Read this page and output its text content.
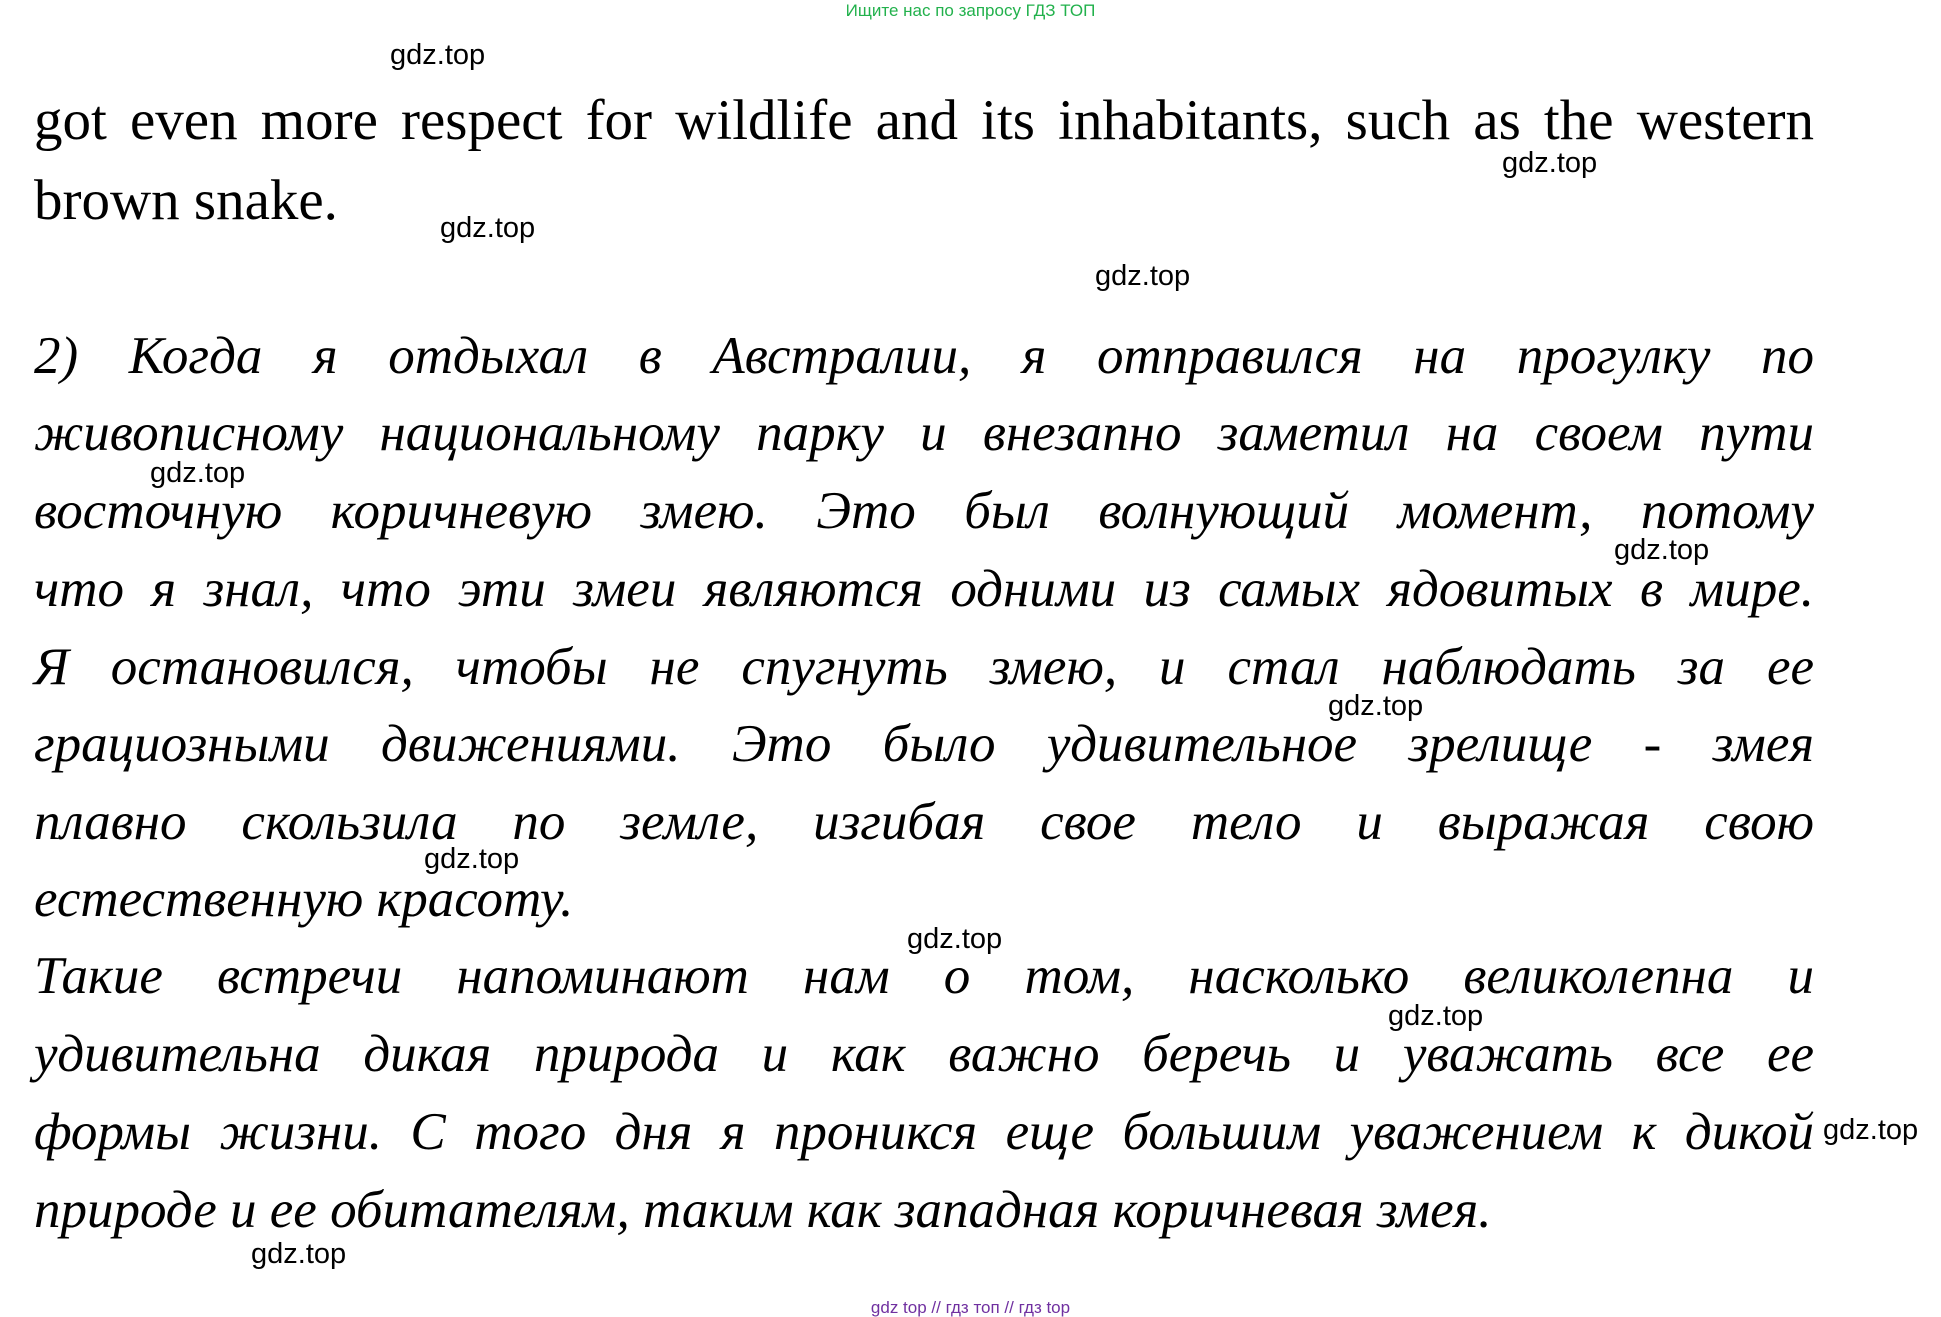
Ищите нас по запросу ГДЗ ТОП
got even more respect for wildlife and its inhabitants, such as the western
brown snake.
2) Когда я отдыхал в Австралии, я отправился на прогулку по
живописному национальному парку и внезапно заметил на своем пути
восточную коричневую змею. Это был волнующий момент, потому
что я знал, что эти змеи являются одними из самых ядовитых в мире.
Я остановился, чтобы не спугнуть змею, и стал наблюдать за ее
грациозными движениями. Это было удивительное зрелище - змея
плавно скользила по земле, изгибая свое тело и выражая свою
естественную красоту.
Такие встречи напоминают нам о том, насколько великолепна и
удивительна дикая природа и как важно беречь и уважать все ее
формы жизни. С того дня я проникся еще большим уважением к дикой
природе и ее обитателям, таким как западная коричневая змея.
gdz.top
gdz.top
gdz.top
gdz.top
gdz.top
gdz.top
gdz.top
gdz.top
gdz.top
gdz.top
gdz.top
gdz.top
gdz top // гдз топ // гдз top
